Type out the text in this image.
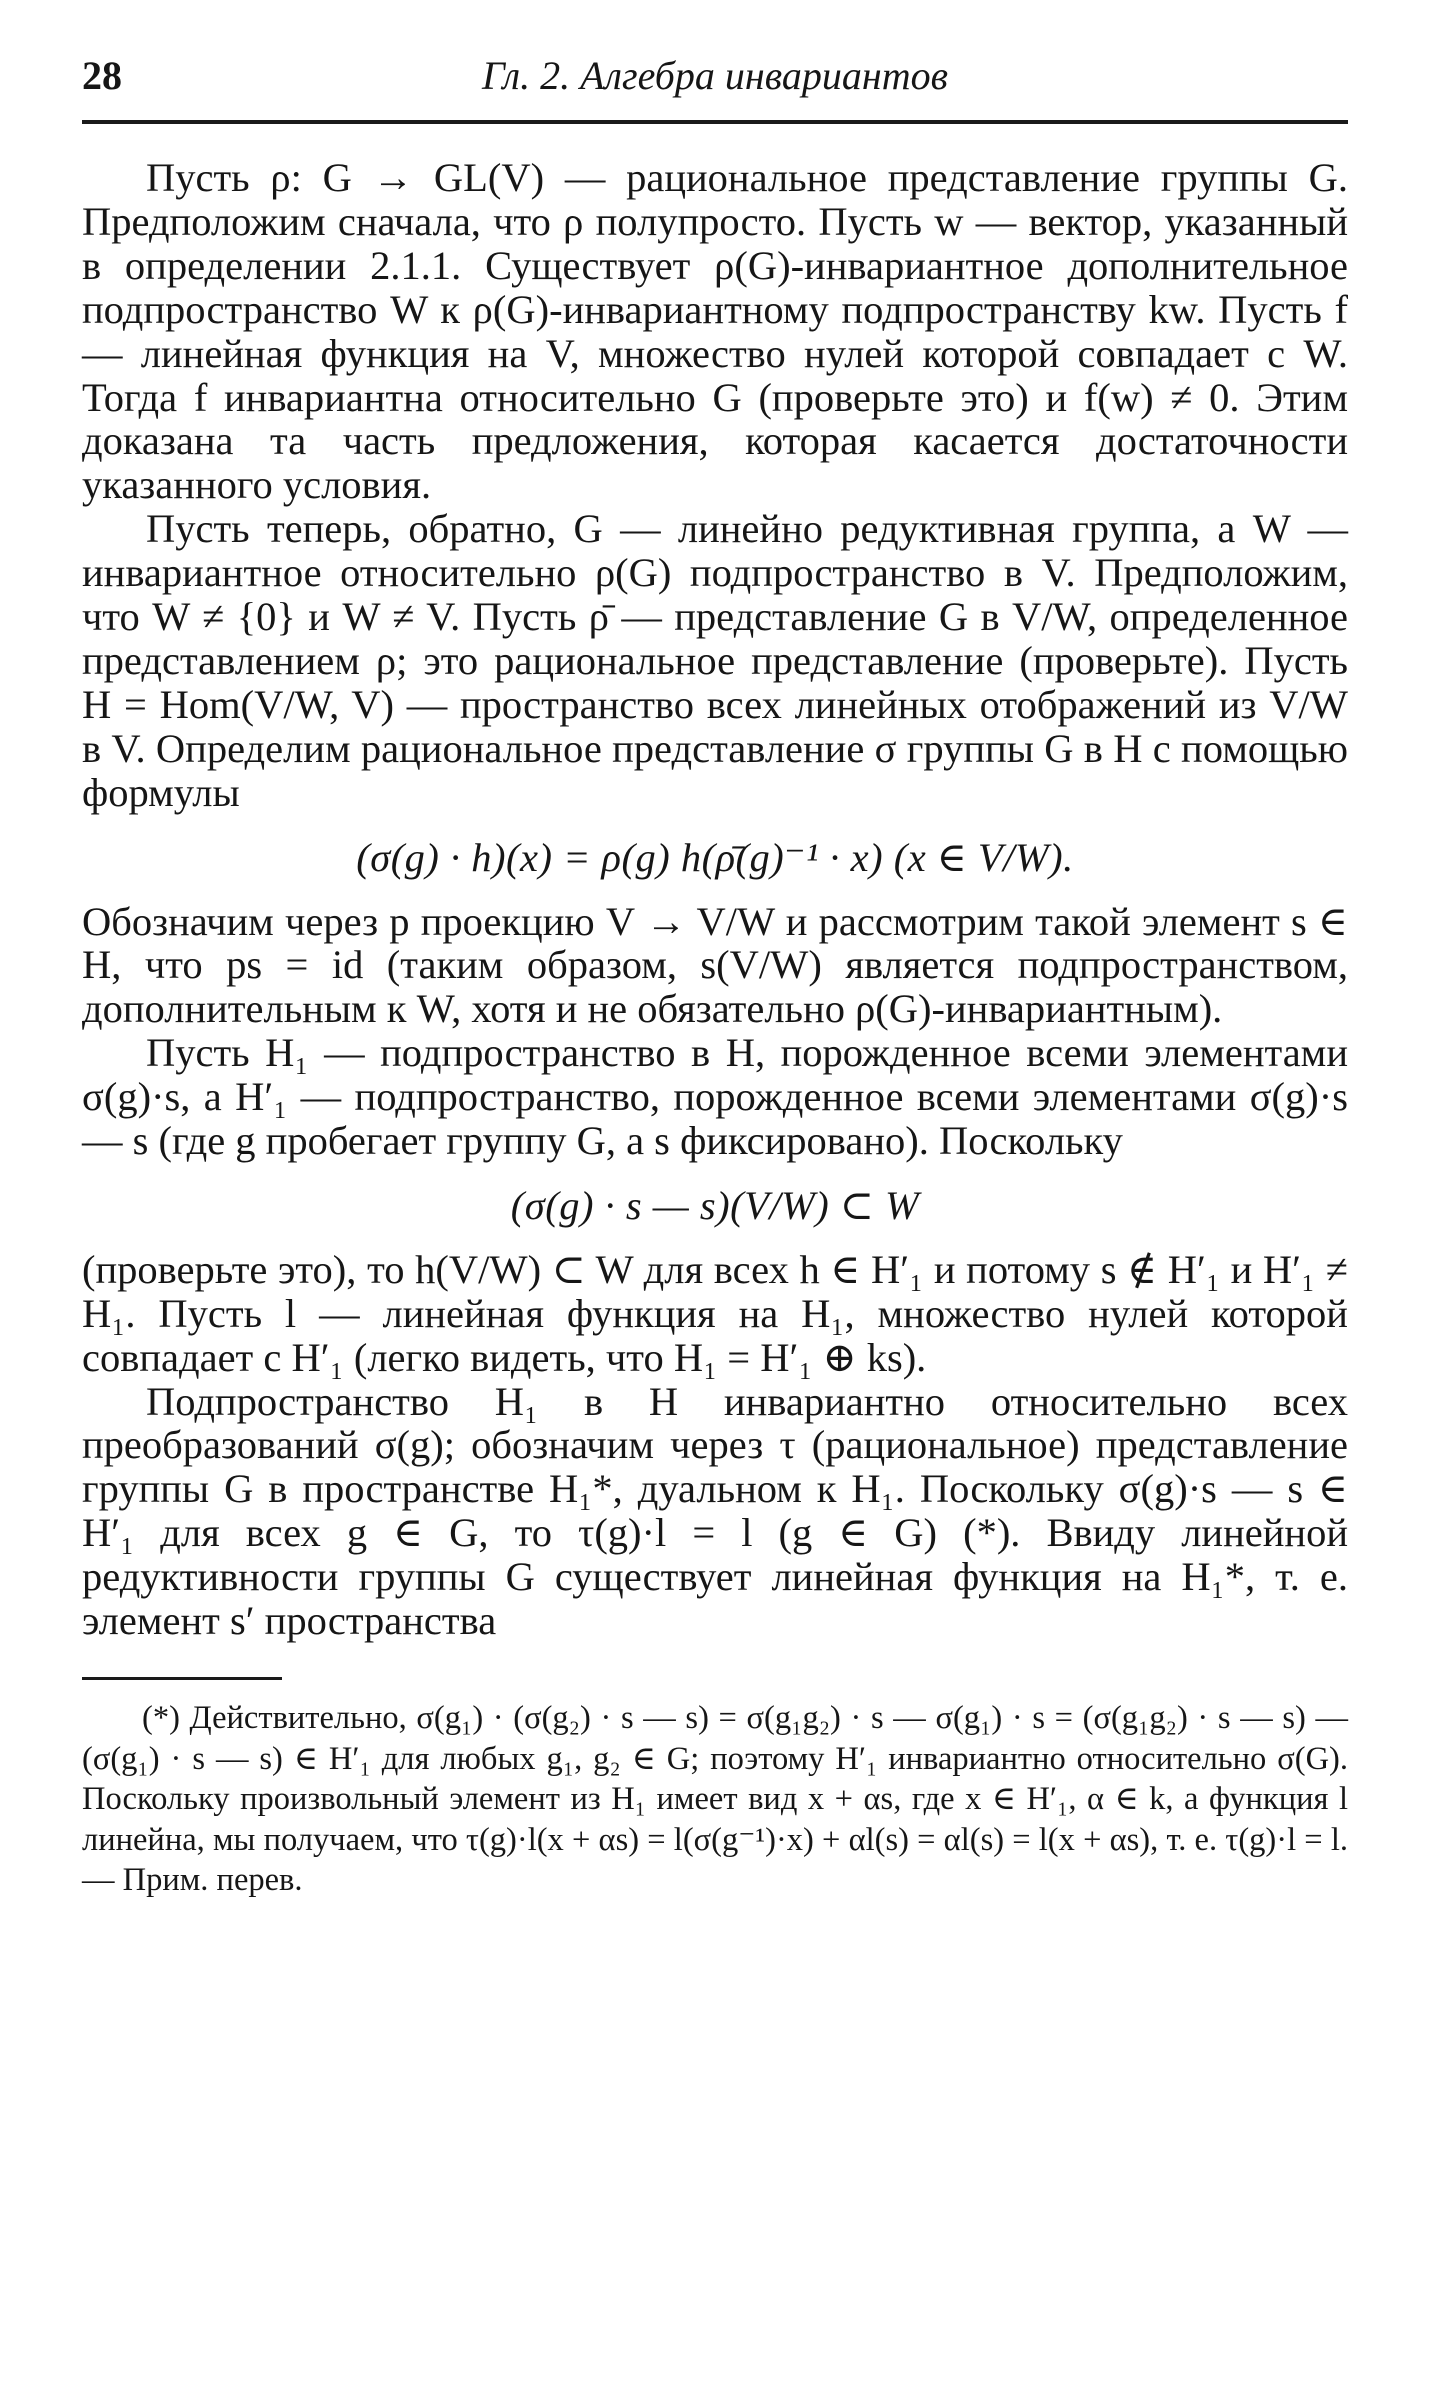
28	Гл. 2. Алгебра инвариантов

Пусть ρ: G → GL(V) — рациональное представление группы G. Предположим сначала, что ρ полупросто. Пусть w — вектор, указанный в определении 2.1.1. Существует ρ(G)-инвариантное дополнительное подпространство W к ρ(G)-инвариантному подпространству kw. Пусть f — линейная функция на V, множество нулей которой совпадает с W. Тогда f инвариантна относительно G (проверьте это) и f(w) ≠ 0. Этим доказана та часть предложения, которая касается достаточности указанного условия.

Пусть теперь, обратно, G — линейно редуктивная группа, а W — инвариантное относительно ρ(G) подпространство в V. Предположим, что W ≠ {0} и W ≠ V. Пусть ρ̄ — представление G в V/W, определенное представлением ρ; это рациональное представление (проверьте). Пусть H = Hom(V/W, V) — пространство всех линейных отображений из V/W в V. Определим рациональное представление σ группы G в H с помощью формулы

(σ(g) · h)(x) = ρ(g) h(ρ̄(g)⁻¹ · x) (x ∈ V/W).

Обозначим через p проекцию V → V/W и рассмотрим такой элемент s ∈ H, что ps = id (таким образом, s(V/W) является подпространством, дополнительным к W, хотя и не обязательно ρ(G)-инвариантным).

Пусть H₁ — подпространство в H, порожденное всеми элементами σ(g)·s, а H′₁ — подпространство, порожденное всеми элементами σ(g)·s — s (где g пробегает группу G, а s фиксировано). Поскольку

(σ(g) · s — s)(V/W) ⊂ W

(проверьте это), то h(V/W) ⊂ W для всех h ∈ H′₁ и потому s ∉ H′₁ и H′₁ ≠ H₁. Пусть l — линейная функция на H₁, множество нулей которой совпадает с H′₁ (легко видеть, что H₁ = H′₁ ⊕ ks).

Подпространство H₁ в H инвариантно относительно всех преобразований σ(g); обозначим через τ (рациональное) представление группы G в пространстве H₁*, дуальном к H₁. Поскольку σ(g)·s — s ∈ H′₁ для всех g ∈ G, то τ(g)·l = l (g ∈ G) (*). Ввиду линейной редуктивности группы G существует линейная функция на H₁*, т. е. элемент s′ пространства

(*) Действительно, σ(g₁) · (σ(g₂) · s — s) = σ(g₁g₂) · s — σ(g₁) · s = (σ(g₁g₂) · s — s) — (σ(g₁) · s — s) ∈ H′₁ для любых g₁, g₂ ∈ G; поэтому H′₁ инвариантно относительно σ(G). Поскольку произвольный элемент из H₁ имеет вид x + αs, где x ∈ H′₁, α ∈ k, а функция l линейна, мы получаем, что τ(g)·l(x + αs) = l(σ(g⁻¹)·x) + αl(s) = αl(s) = l(x + αs), т. е. τ(g)·l = l. — Прим. перев.
